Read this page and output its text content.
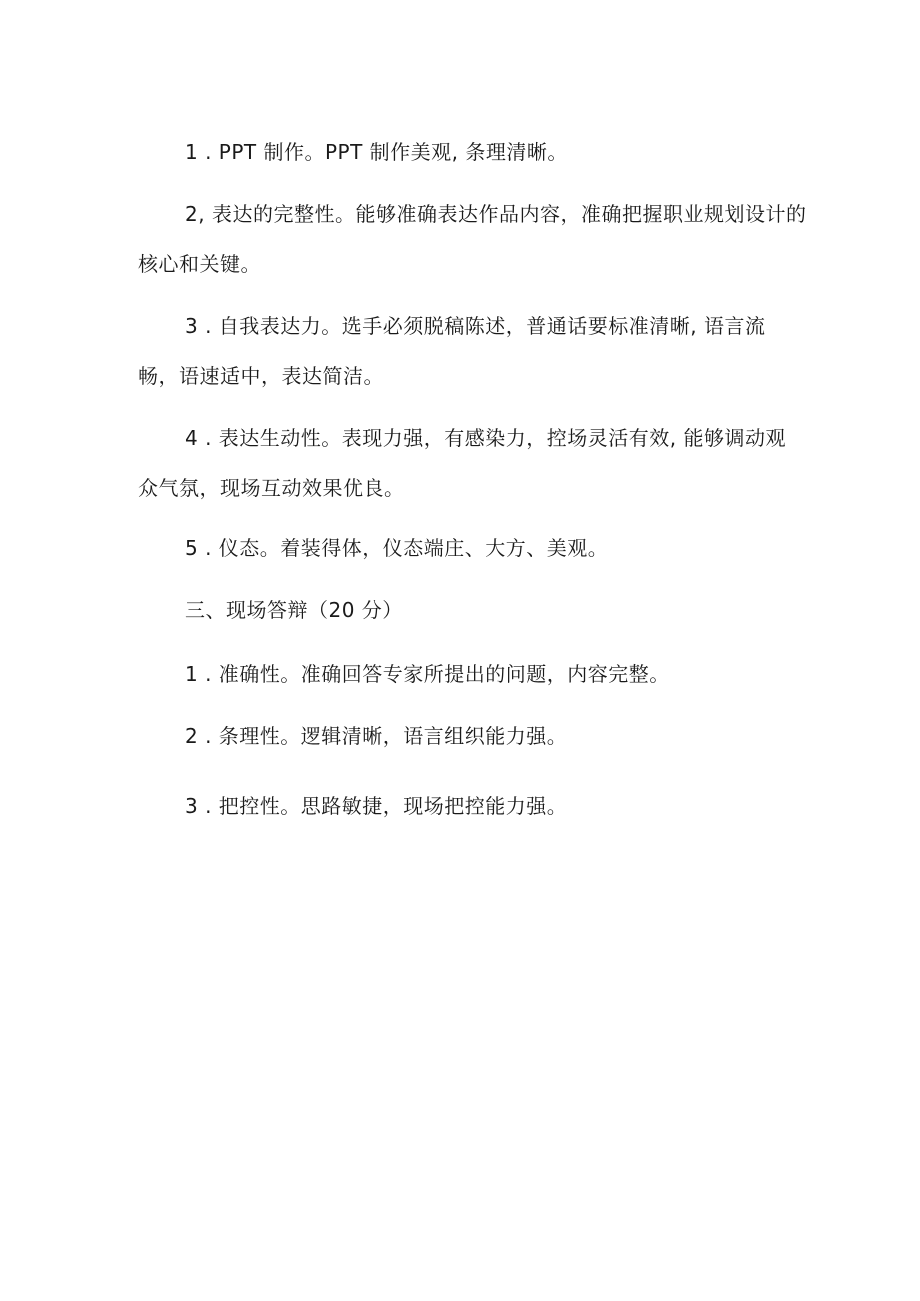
1 . PPT 制作。PPT 制作美观, 条理清晰。
2, 表达的完整性。能够准确表达作品内容，准确把握职业规划设计的
核心和关键。
3 . 自我表达力。选手必须脱稿陈述，普通话要标准清晰, 语言流
畅，语速适中，表达简洁。
4 . 表达生动性。表现力强，有感染力，控场灵活有效, 能够调动观
众气氛，现场互动效果优良。
5 . 仪态。着装得体，仪态端庄、大方、美观。
三、现场答辩（20 分）
1 . 准确性。准确回答专家所提出的问题，内容完整。
2 . 条理性。逻辑清晰，语言组织能力强。
3 . 把控性。思路敏捷，现场把控能力强。
